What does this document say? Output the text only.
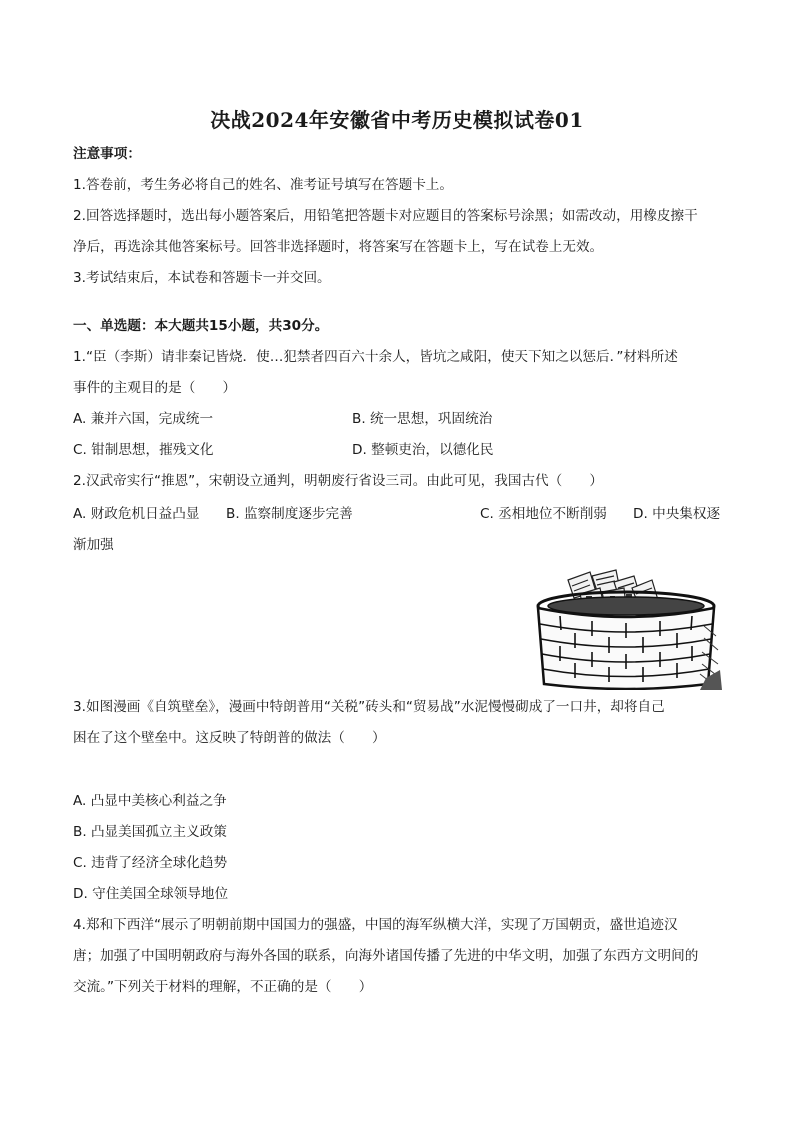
决战2024年安徽省中考历史模拟试卷01
注意事项：
1.答卷前，考生务必将自己的姓名、准考证号填写在答题卡上。
2.回答选择题时，选出每小题答案后，用铅笔把答题卡对应题目的答案标号涂黑；如需改动，用橡皮擦干
净后，再选涂其他答案标号。回答非选择题时，将答案写在答题卡上，写在试卷上无效。
3.考试结束后，本试卷和答题卡一并交回。
一、单选题：本大题共15小题，共30分。
1.“臣（李斯）请非秦记皆烧．使…犯禁者四百六十余人，皆坑之咸阳，使天下知之以惩后．”材料所述
事件的主观目的是（　　）
A. 兼并六国，完成统一	B. 统一思想，巩固统治
C. 钳制思想，摧残文化	D. 整顿吏治，以德化民
2.汉武帝实行“推恩”，宋朝设立通判，明朝废行省设三司。由此可见，我国古代（　　）
A. 财政危机日益凸显 B. 监察制度逐步完善	C. 丞相地位不断削弱 D. 中央集权逐
渐加强
3.如图漫画《自筑壁垒》，漫画中特朗普用“关税”砖头和“贸易战”水泥慢慢砌成了一口井，却将自己
困在了这个壁垒中。这反映了特朗普的做法（　　）
A. 凸显中美核心利益之争
B. 凸显美国孤立主义政策
C. 违背了经济全球化趋势
D. 守住美国全球领导地位
4.郑和下西洋“展示了明朝前期中国国力的强盛，中国的海军纵横大洋，实现了万国朝贡，盛世追迹汉
唐；加强了中国明朝政府与海外各国的联系，向海外诸国传播了先进的中华文明，加强了东西方文明间的
交流。”下列关于材料的理解，不正确的是（　　）
